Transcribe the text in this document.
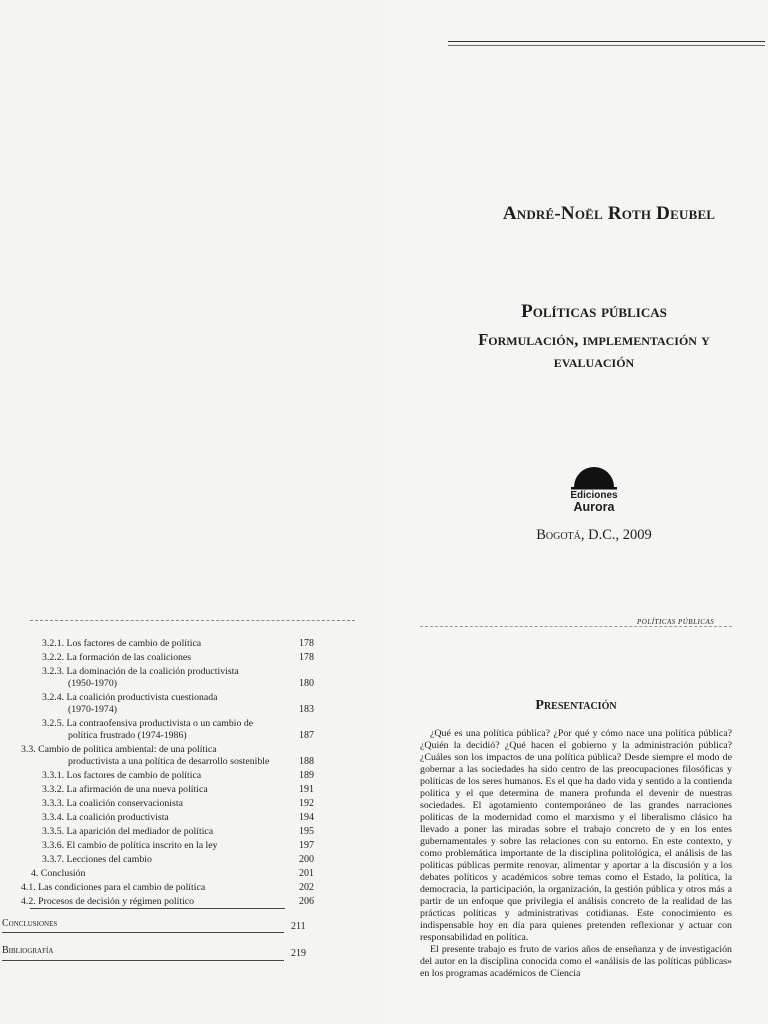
André-Noël Roth Deubel
Políticas públicas
Formulación, implementación y
evaluación
Ediciones
Aurora
Bogotá, D.C., 2009
3.2.1. Los factores de cambio de política	178
3.2.2. La formación de las coaliciones	178
3.2.3. La dominación de la coalición productivista
(1950-1970)	180
3.2.4. La coalición productivista cuestionada
(1970-1974)	183
3.2.5. La contraofensiva productivista o un cambio de
política frustrado (1974-1986)	187
3.3. Cambio de política ambiental: de una política
productivista a una política de desarrollo sostenible	188
3.3.1. Los factores de cambio de política	189
3.3.2. La afirmación de una nueva política	191
3.3.3. La coalición conservacionista	192
3.3.4. La coalición productivista	194
3.3.5. La aparición del mediador de política	195
3.3.6. El cambio de política inscrito en la ley	197
3.3.7. Lecciones del cambio	200
4. Conclusión	201
4.1. Las condiciones para el cambio de política	202
4.2. Procesos de decisión y régimen político	206
Conclusiones	211
Bibliografía	219
POLÍTICAS PÚBLICAS
Presentación

¿Qué es una política pública? ¿Por qué y cómo nace una política pública? ¿Quién la decidió? ¿Qué hacen el gobierno y la administración pública? ¿Cuáles son los impactos de una política pública? Desde siempre el modo de gobernar a las sociedades ha sido centro de las preocupaciones filosóficas y políticas de los seres humanos. Es el que ha dado vida y sentido a la contienda política y el que determina de manera profunda el devenir de nuestras sociedades. El agotamiento contemporáneo de las grandes narraciones políticas de la modernidad como el marxismo y el liberalismo clásico ha llevado a poner las miradas sobre el trabajo concreto de y en los entes gubernamentales y sobre las relaciones con su entorno. En este contexto, y como problemática importante de la disciplina politológica, el análisis de las políticas públicas permite renovar, alimentar y aportar a la discusión y a los debates políticos y académicos sobre temas como el Estado, la política, la democracia, la participación, la organización, la gestión pública y otros más a partir de un enfoque que privilegia el análisis concreto de la realidad de las prácticas políticas y administrativas cotidianas. Este conocimiento es indispensable hoy en día para quienes pretenden reflexionar y actuar con responsabilidad en política.

El presente trabajo es fruto de varios años de enseñanza y de investigación del autor en la disciplina conocida como el «análisis de las políticas públicas» en los programas académicos de Ciencia
